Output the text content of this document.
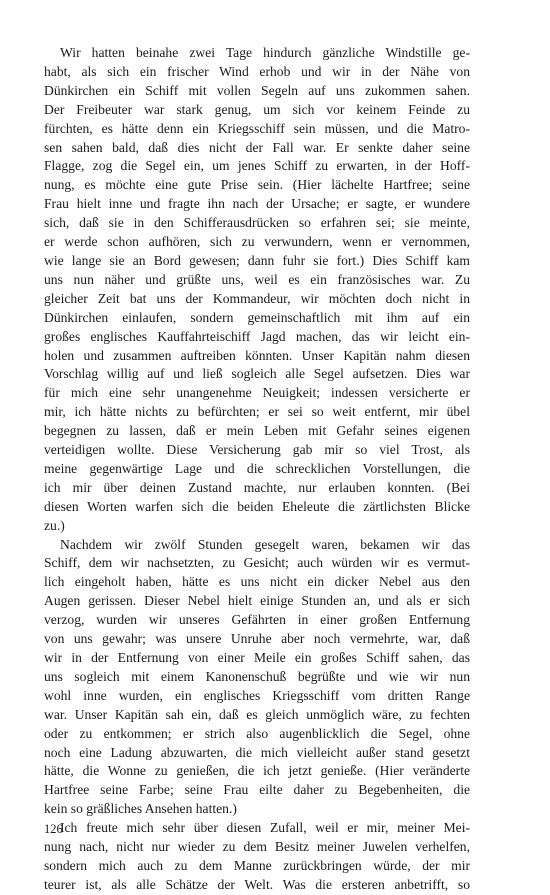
Wir hatten beinahe zwei Tage hindurch gänzliche Windstille ge-
habt, als sich ein frischer Wind erhob und wir in der Nähe von
Dünkirchen ein Schiff mit vollen Segeln auf uns zukommen sahen.
Der Freibeuter war stark genug, um sich vor keinem Feinde zu
fürchten, es hätte denn ein Kriegsschiff sein müssen, und die Matro-
sen sahen bald, daß dies nicht der Fall war. Er senkte daher seine
Flagge, zog die Segel ein, um jenes Schiff zu erwarten, in der Hoff-
nung, es möchte eine gute Prise sein. (Hier lächelte Hartfree; seine
Frau hielt inne und fragte ihn nach der Ursache; er sagte, er wundere
sich, daß sie in den Schifferausdrücken so erfahren sei; sie meinte,
er werde schon aufhören, sich zu verwundern, wenn er vernommen,
wie lange sie an Bord gewesen; dann fuhr sie fort.) Dies Schiff kam
uns nun näher und grüßte uns, weil es ein französisches war. Zu
gleicher Zeit bat uns der Kommandeur, wir möchten doch nicht in
Dünkirchen einlaufen, sondern gemeinschaftlich mit ihm auf ein
großes englisches Kauffahrteischiff Jagd machen, das wir leicht ein-
holen und zusammen auftreiben könnten. Unser Kapitän nahm diesen
Vorschlag willig auf und ließ sogleich alle Segel aufsetzen. Dies war
für mich eine sehr unangenehme Neuigkeit; indessen versicherte er
mir, ich hätte nichts zu befürchten; er sei so weit entfernt, mir übel
begegnen zu lassen, daß er mein Leben mit Gefahr seines eigenen
verteidigen wollte. Diese Versicherung gab mir so viel Trost, als
meine gegenwärtige Lage und die schrecklichen Vorstellungen, die
ich mir über deinen Zustand machte, nur erlauben konnten. (Bei
diesen Worten warfen sich die beiden Eheleute die zärtlichsten Blicke
zu.)
Nachdem wir zwölf Stunden gesegelt waren, bekamen wir das
Schiff, dem wir nachsetzten, zu Gesicht; auch würden wir es vermut-
lich eingeholt haben, hätte es uns nicht ein dicker Nebel aus den
Augen gerissen. Dieser Nebel hielt einige Stunden an, und als er sich
verzog, wurden wir unseres Gefährten in einer großen Entfernung
von uns gewahr; was unsere Unruhe aber noch vermehrte, war, daß
wir in der Entfernung von einer Meile ein großes Schiff sahen, das
uns sogleich mit einem Kanonenschuß begrüßte und wie wir nun
wohl inne wurden, ein englisches Kriegsschiff vom dritten Range
war. Unser Kapitän sah ein, daß es gleich unmöglich wäre, zu fechten
oder zu entkommen; er strich also augenblicklich die Segel, ohne
noch eine Ladung abzuwarten, die mich vielleicht außer stand gesetzt
hätte, die Wonne zu genießen, die ich jetzt genieße. (Hier veränderte
Hartfree seine Farbe; seine Frau eilte daher zu Begebenheiten, die
kein so gräßliches Ansehen hatten.)
Ich freute mich sehr über diesen Zufall, weil er mir, meiner Mei-
nung nach, nicht nur wieder zu dem Besitz meiner Juwelen verhelfen,
sondern mich auch zu dem Manne zurückbringen würde, der mir
teurer ist, als alle Schätze der Welt. Was die ersteren anbetrifft, so
126
